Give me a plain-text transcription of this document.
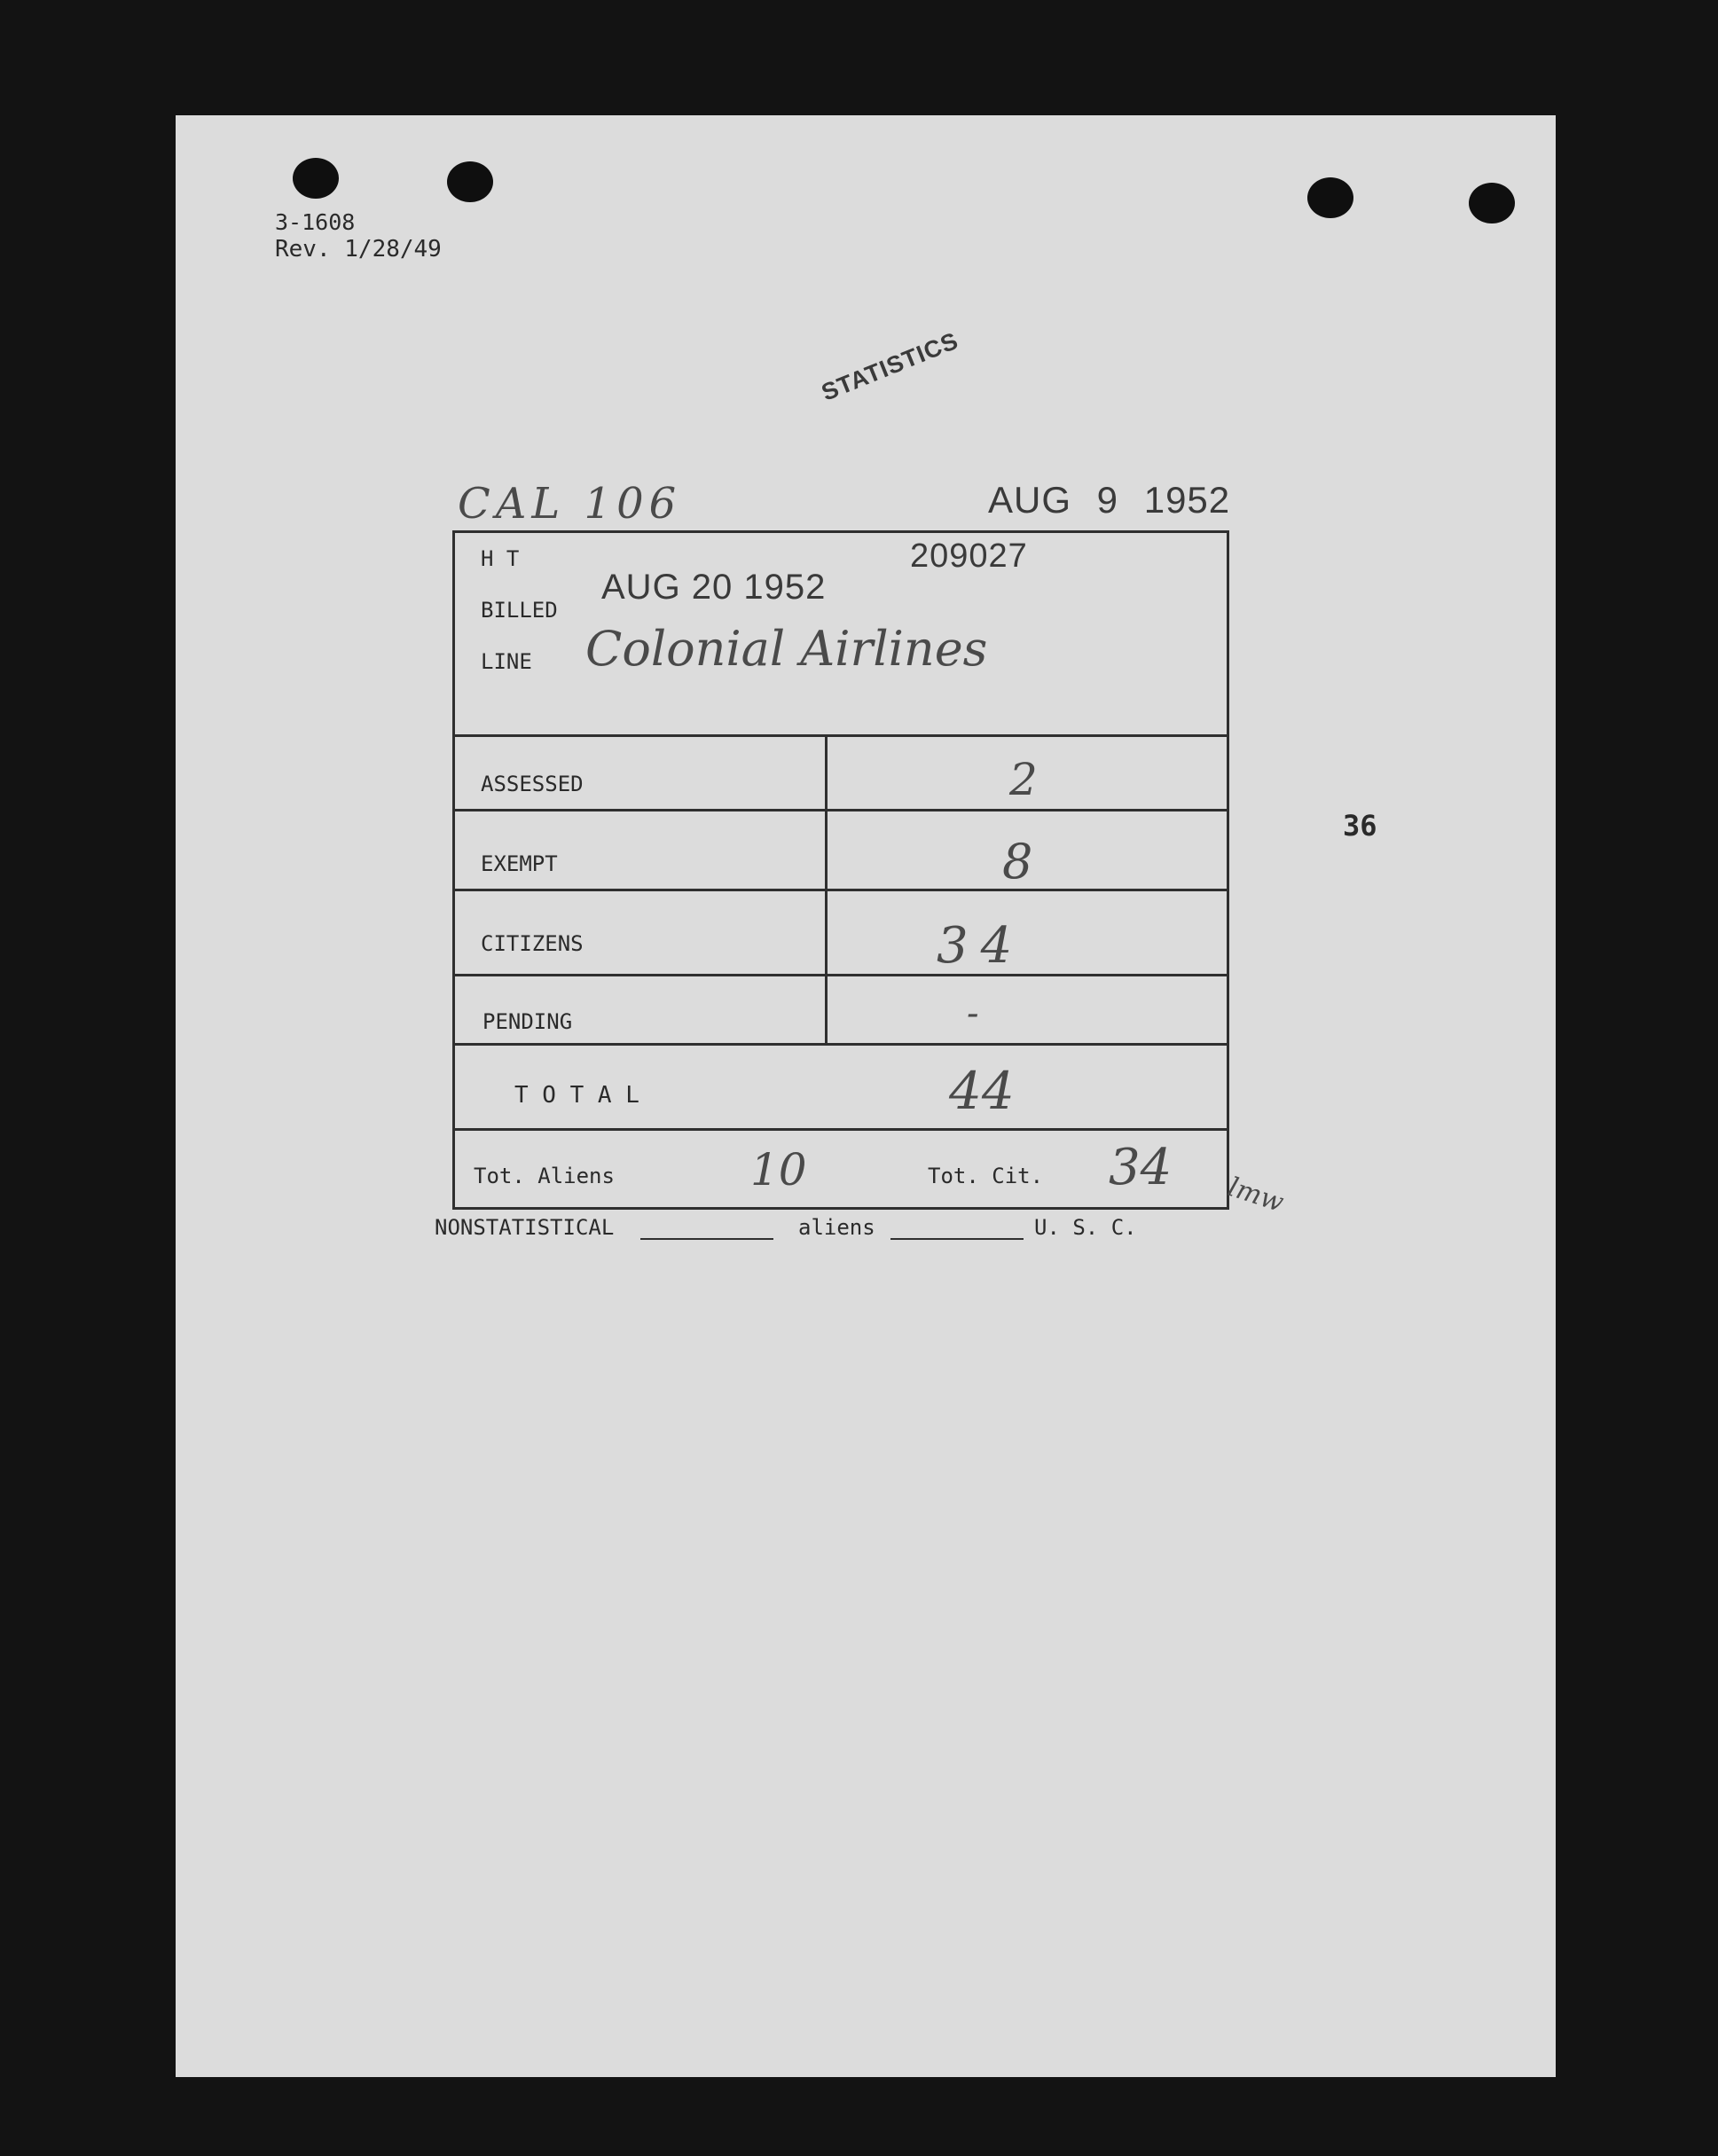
3-1608
Rev. 1/28/49
STATISTICS
CAL 106	AUG 9 1952
36
H T	209027
BILLED
AUG 20 1952
LINE Colonial Airlines
ASSESSED	2
EXEMPT	8
CITIZENS	34
PENDING	-
T O T A L	44
Tot. Aliens	10	Tot. Cit. 34 lmw
NONSTATISTICAL	aliens	U. S. C.
